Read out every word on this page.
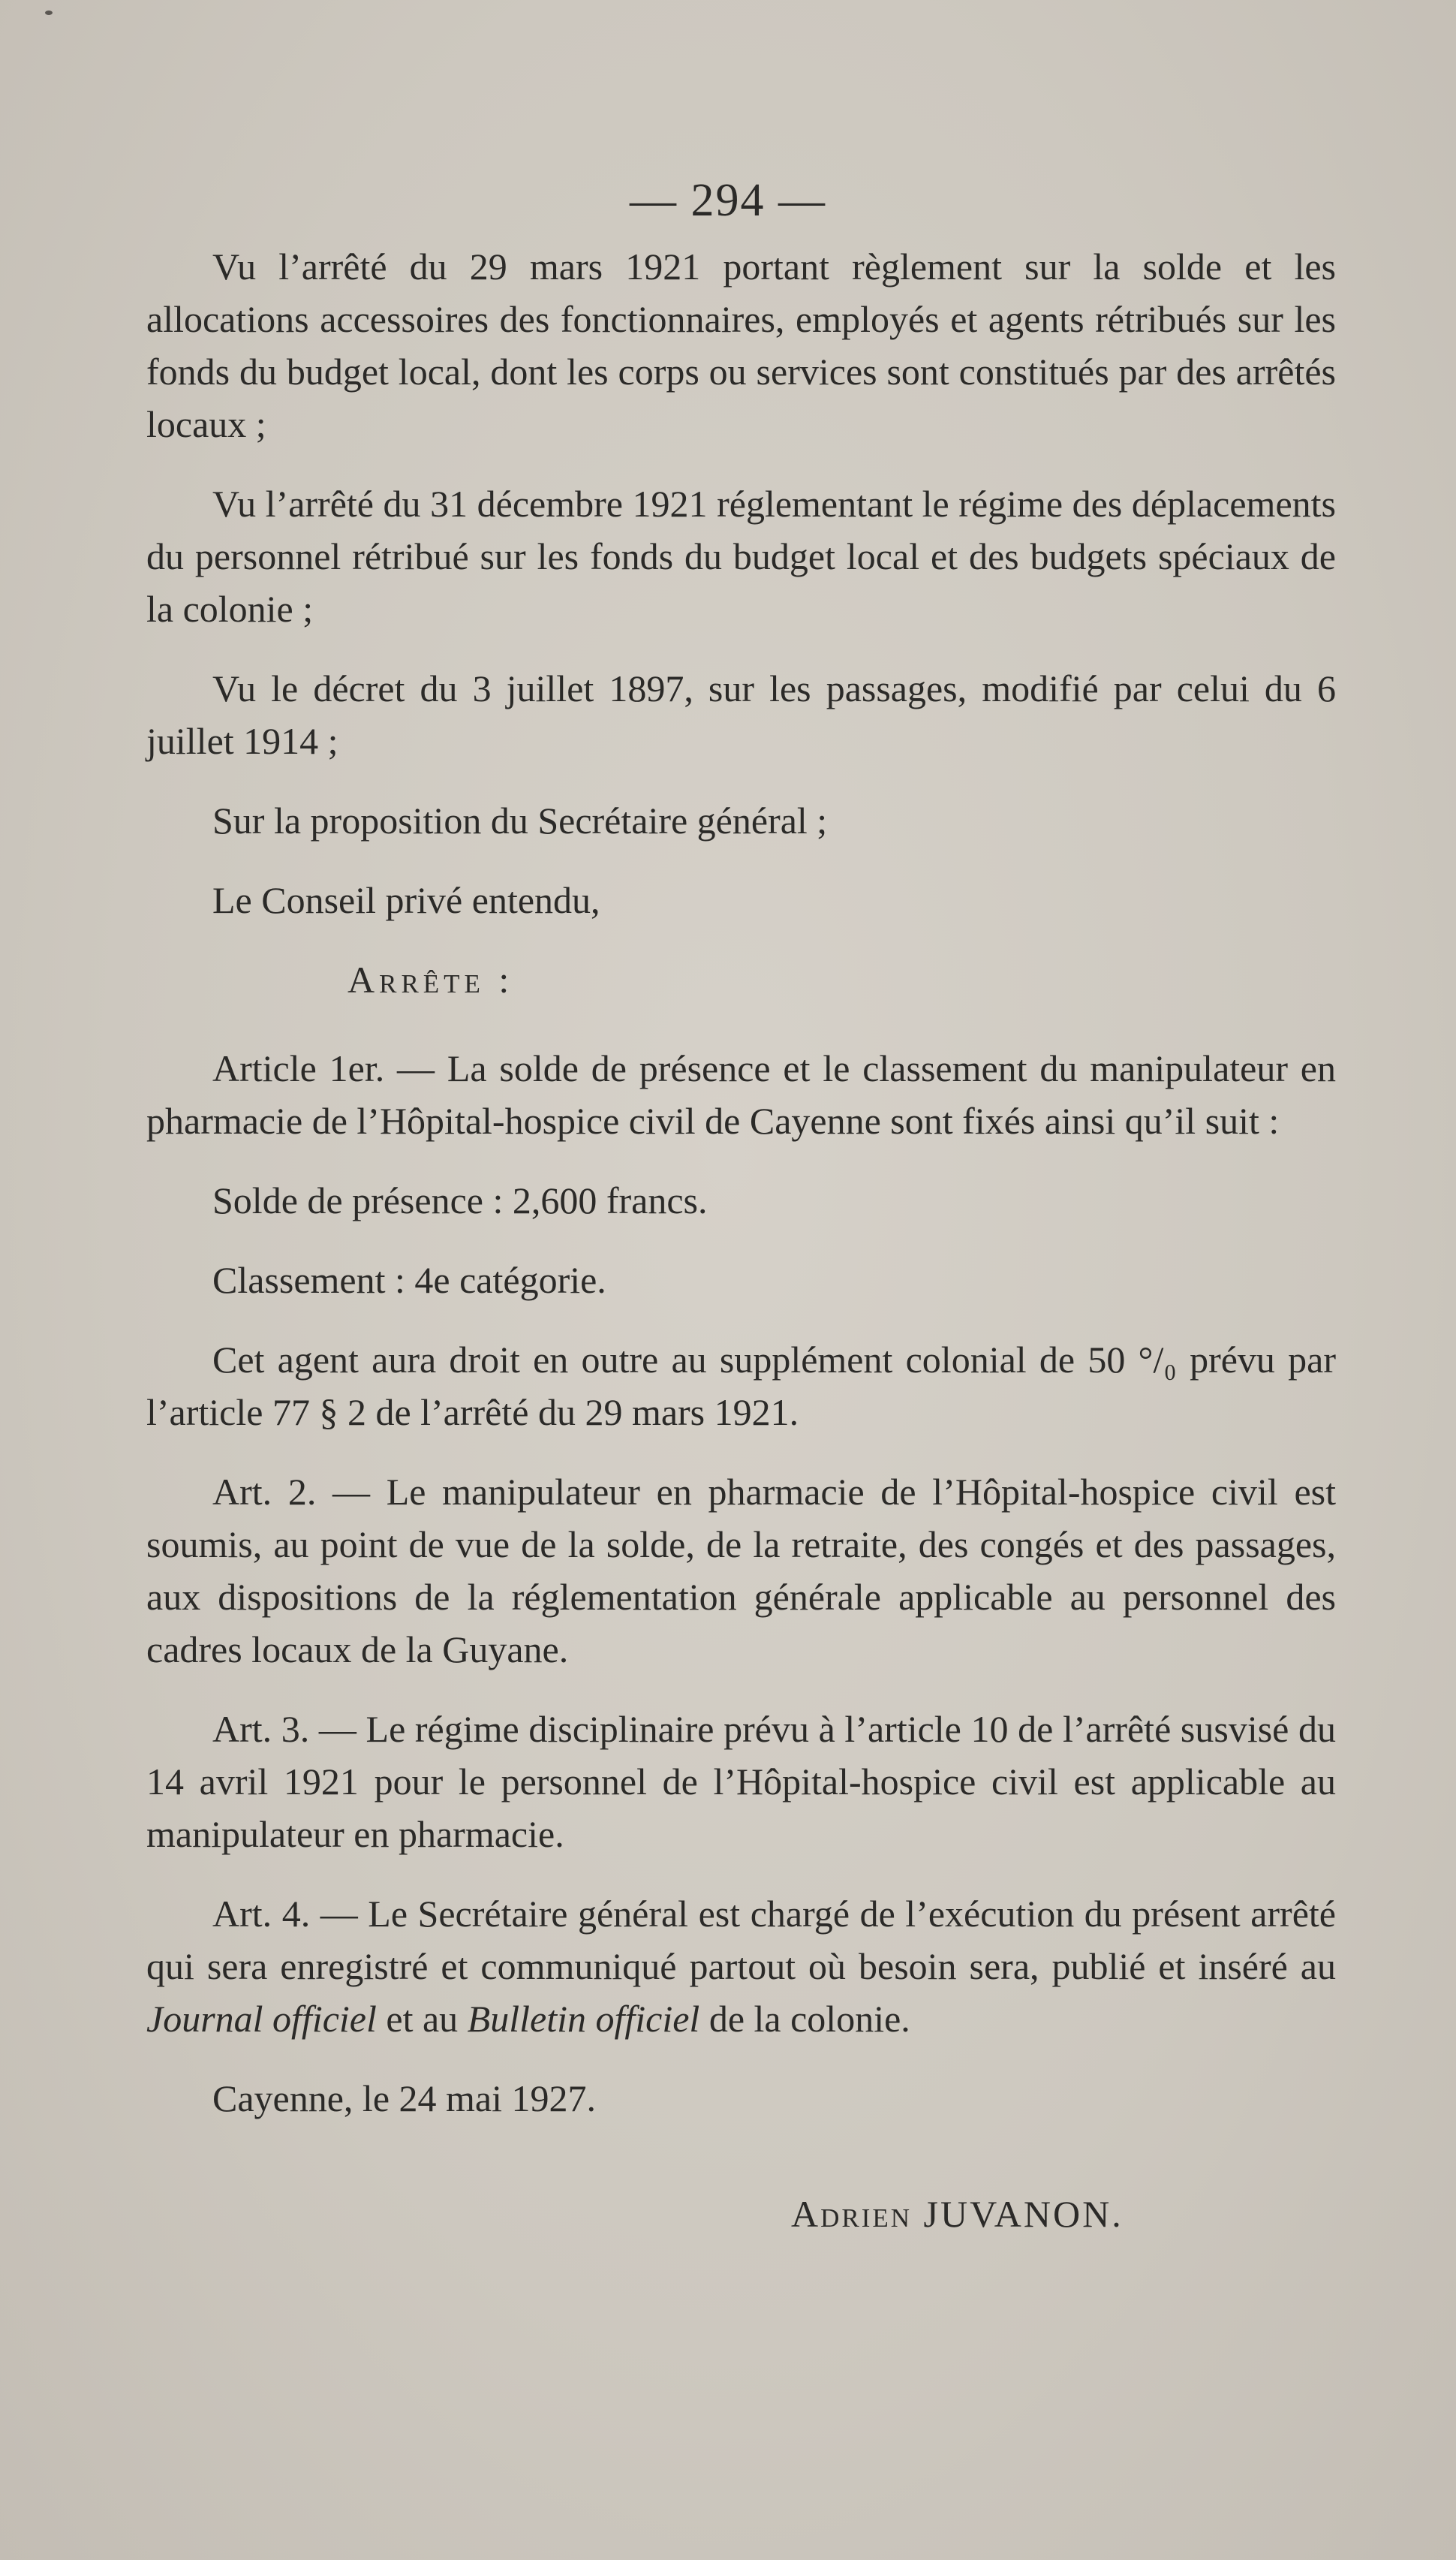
— 294 —

Vu l’arrêté du 29 mars 1921 portant règlement sur la solde et les allocations accessoires des fonctionnaires, employés et agents rétribués sur les fonds du budget local, dont les corps ou services sont constitués par des arrêtés locaux ;

Vu l’arrêté du 31 décembre 1921 réglementant le régime des déplacements du personnel rétribué sur les fonds du budget local et des budgets spéciaux de la colonie ;

Vu le décret du 3 juillet 1897, sur les passages, modifié par celui du 6 juillet 1914 ;

Sur la proposition du Secrétaire général ;

Le Conseil privé entendu,

Arrête :

Article 1er. — La solde de présence et le classement du manipulateur en pharmacie de l’Hôpital-hospice civil de Cayenne sont fixés ainsi qu’il suit :

Solde de présence : 2,600 francs.

Classement : 4e catégorie.

Cet agent aura droit en outre au supplément colonial de 50 °/₀ prévu par l’article 77 § 2 de l’arrêté du 29 mars 1921.

Art. 2. — Le manipulateur en pharmacie de l’Hôpital-hospice civil est soumis, au point de vue de la solde, de la retraite, des congés et des passages, aux dispositions de la réglementation générale applicable au personnel des cadres locaux de la Guyane.

Art. 3. — Le régime disciplinaire prévu à l’article 10 de l’arrêté susvisé du 14 avril 1921 pour le personnel de l’Hôpital-hospice civil est applicable au manipulateur en pharmacie.

Art. 4. — Le Secrétaire général est chargé de l’exécution du présent arrêté qui sera enregistré et communiqué partout où besoin sera, publié et inséré au Journal officiel et au Bulletin officiel de la colonie.

Cayenne, le 24 mai 1927.

Adrien JUVANON.
